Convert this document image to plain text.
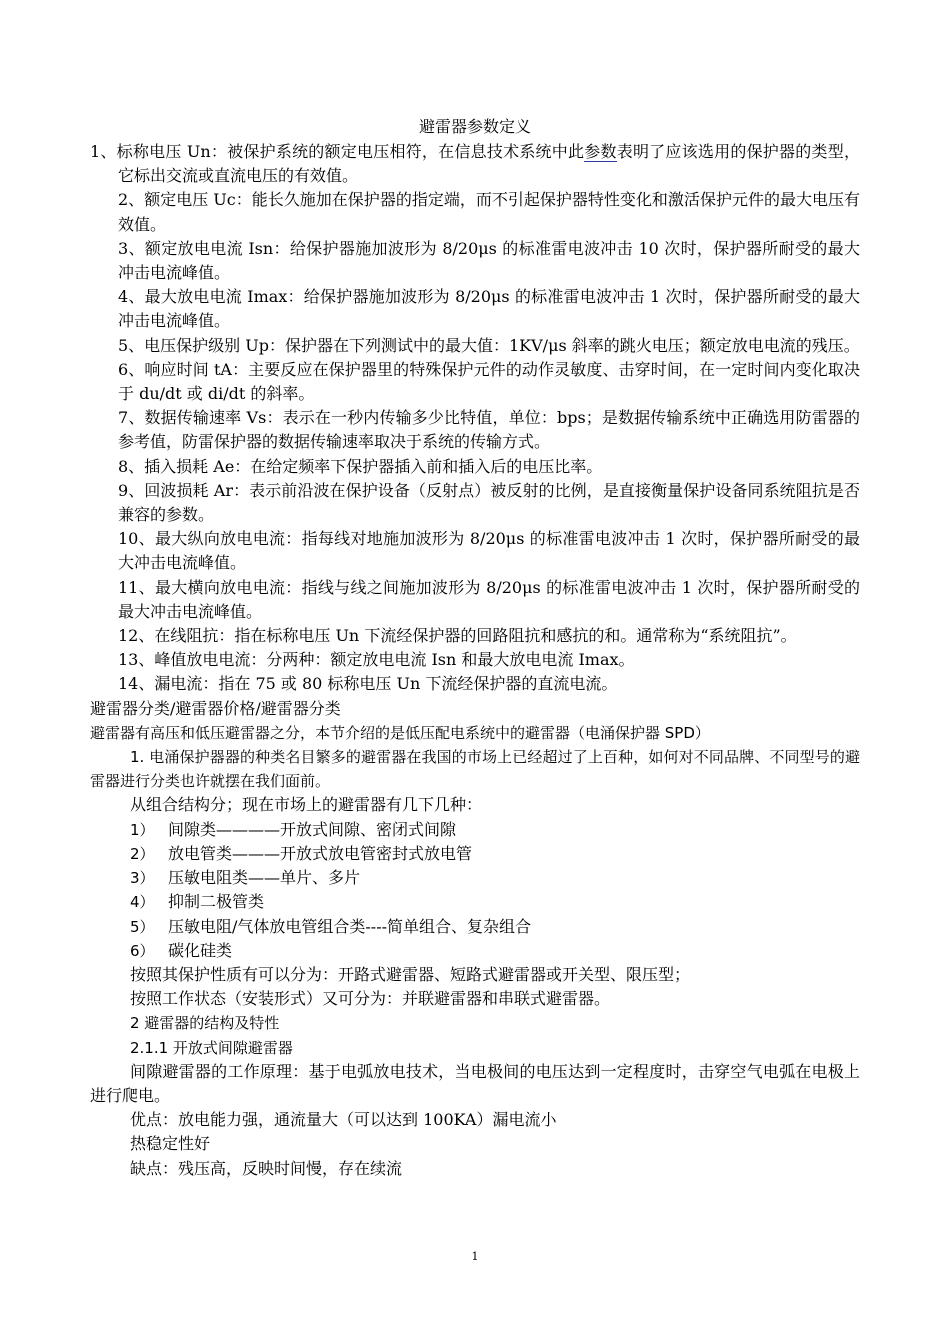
避雷器参数定义

1、标称电压 Un：被保护系统的额定电压相符，在信息技术系统中此参数表明了应该选用的保护器的类型，它标出交流或直流电压的有效值。

2、额定电压 Uc：能长久施加在保护器的指定端，而不引起保护器特性变化和激活保护元件的最大电压有效值。

3、额定放电电流 Isn：给保护器施加波形为 8/20μs 的标准雷电波冲击 10 次时，保护器所耐受的最大冲击电流峰值。

4、最大放电电流 Imax：给保护器施加波形为 8/20μs 的标准雷电波冲击 1 次时，保护器所耐受的最大冲击电流峰值。

5、电压保护级别 Up：保护器在下列测试中的最大值：1KV/μs 斜率的跳火电压；额定放电电流的残压。

6、响应时间 tA：主要反应在保护器里的特殊保护元件的动作灵敏度、击穿时间，在一定时间内变化取决于 du/dt 或 di/dt 的斜率。

7、数据传输速率 Vs：表示在一秒内传输多少比特值，单位：bps；是数据传输系统中正确选用防雷器的参考值，防雷保护器的数据传输速率取决于系统的传输方式。

8、插入损耗 Ae：在给定频率下保护器插入前和插入后的电压比率。

9、回波损耗 Ar：表示前沿波在保护设备（反射点）被反射的比例，是直接衡量保护设备同系统阻抗是否兼容的参数。

10、最大纵向放电电流：指每线对地施加波形为 8/20μs 的标准雷电波冲击 1 次时，保护器所耐受的最大冲击电流峰值。

11、最大横向放电电流：指线与线之间施加波形为 8/20μs 的标准雷电波冲击 1 次时，保护器所耐受的最大冲击电流峰值。

12、在线阻抗：指在标称电压 Un 下流经保护器的回路阻抗和感抗的和。通常称为“系统阻抗”。

13、峰值放电电流：分两种：额定放电电流 Isn 和最大放电电流 Imax。

14、漏电流：指在 75 或 80 标称电压 Un 下流经保护器的直流电流。

避雷器分类/避雷器价格/避雷器分类

避雷器有高压和低压避雷器之分，本节介绍的是低压配电系统中的避雷器（电涌保护器 SPD）

1. 电涌保护器器的种类名目繁多的避雷器在我国的市场上已经超过了上百种，如何对不同品牌、不同型号的避雷器进行分类也许就摆在我们面前。

从组合结构分；现在市场上的避雷器有几下几种：

1） 间隙类————开放式间隙、密闭式间隙

2） 放电管类———开放式放电管密封式放电管

3） 压敏电阻类——单片、多片

4） 抑制二极管类

5） 压敏电阻/气体放电管组合类----简单组合、复杂组合

6） 碳化硅类

按照其保护性质有可以分为：开路式避雷器、短路式避雷器或开关型、限压型；

按照工作状态（安装形式）又可分为：并联避雷器和串联式避雷器。

2 避雷器的结构及特性

2.1.1 开放式间隙避雷器

间隙避雷器的工作原理：基于电弧放电技术，当电极间的电压达到一定程度时，击穿空气电弧在电极上进行爬电。

优点：放电能力强，通流量大（可以达到 100KA）漏电流小

热稳定性好

缺点：残压高，反映时间慢，存在续流

1
